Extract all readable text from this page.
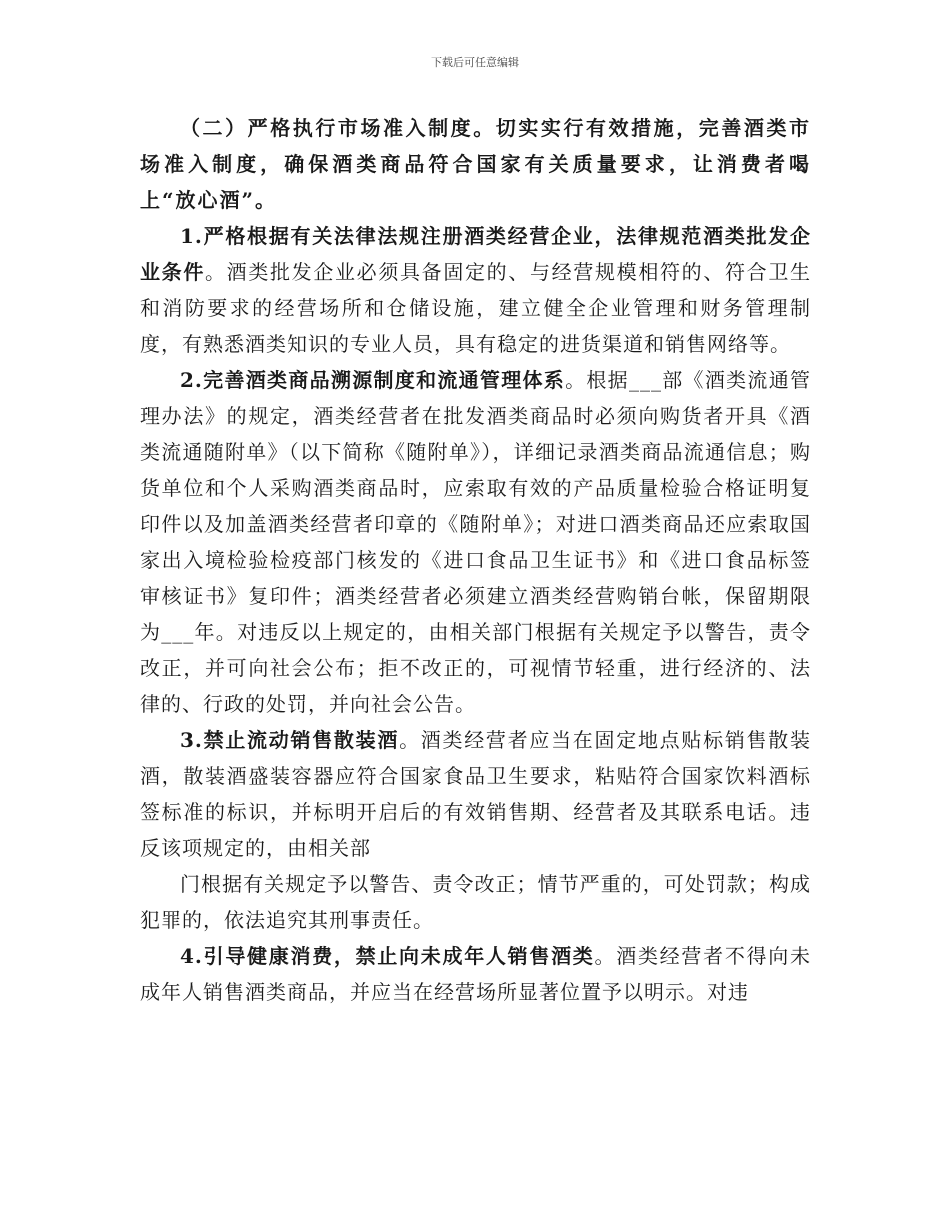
下载后可任意编辑

（二）严格执行市场准入制度。切实实行有效措施，完善酒类市场准入制度，确保酒类商品符合国家有关质量要求，让消费者喝上“放心酒”。

1.严格根据有关法律法规注册酒类经营企业，法律规范酒类批发企业条件。酒类批发企业必须具备固定的、与经营规模相符的、符合卫生和消防要求的经营场所和仓储设施，建立健全企业管理和财务管理制度，有熟悉酒类知识的专业人员，具有稳定的进货渠道和销售网络等。

2.完善酒类商品溯源制度和流通管理体系。根据___部《酒类流通管理办法》的规定，酒类经营者在批发酒类商品时必须向购货者开具《酒类流通随附单》（以下简称《随附单》），详细记录酒类商品流通信息；购货单位和个人采购酒类商品时，应索取有效的产品质量检验合格证明复印件以及加盖酒类经营者印章的《随附单》；对进口酒类商品还应索取国家出入境检验检疫部门核发的《进口食品卫生证书》和《进口食品标签审核证书》复印件；酒类经营者必须建立酒类经营购销台帐，保留期限为___年。对违反以上规定的，由相关部门根据有关规定予以警告，责令改正，并可向社会公布；拒不改正的，可视情节轻重，进行经济的、法律的、行政的处罚，并向社会公告。

3.禁止流动销售散装酒。酒类经营者应当在固定地点贴标销售散装酒，散装酒盛装容器应符合国家食品卫生要求，粘贴符合国家饮料酒标签标准的标识，并标明开启后的有效销售期、经营者及其联系电话。违反该项规定的，由相关部

门根据有关规定予以警告、责令改正；情节严重的，可处罚款；构成犯罪的，依法追究其刑事责任。

4.引导健康消费，禁止向未成年人销售酒类。酒类经营者不得向未成年人销售酒类商品，并应当在经营场所显著位置予以明示。对违
